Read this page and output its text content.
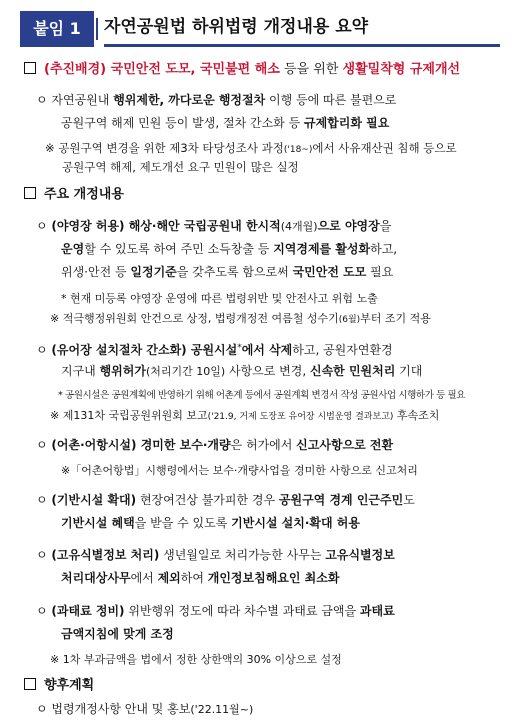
붙임 1	자연공원법 하위법령 개정내용 요약
(추진배경) 국민안전 도모, 국민불편 해소 등을 위한 생활밀착형 규제개선
ㅇ 자연공원내 행위제한, 까다로운 행정절차 이행 등에 따른 불편으로
공원구역 해제 민원 등이 발생, 절차 간소화 등 규제합리화 필요
※ 공원구역 변경을 위한 제3차 타당성조사 과정('18~)에서 사유재산권 침해 등으로
공원구역 해제, 제도개선 요구 민원이 많은 실정
주요 개정내용
ㅇ (야영장 허용) 해상·해안 국립공원내 한시적(4개월)으로 야영장을
운영할 수 있도록 하여 주민 소득창출 등 지역경제를 활성화하고,
위생·안전 등 일정기준을 갖추도록 함으로써 국민안전 도모 필요
* 현재 미등록 야영장 운영에 따른 법령위반 및 안전사고 위험 노출
※ 적극행정위원회 안건으로 상정, 법령개정전 여름철 성수기(6월)부터 조기 적용
ㅇ (유어장 설치절차 간소화) 공원시설*에서 삭제하고, 공원자연환경
지구내 행위허가(처리기간 10일) 사항으로 변경, 신속한 민원처리 기대
* 공원시설은 공원계획에 반영하기 위해 어촌계 등에서 공원계획 변경서 작성 공원사업 시행하가 등 필요
※ 제131차 국립공원위원회 보고('21.9, 거제 도장포 유어장 시범운영 결과보고) 후속조치
ㅇ (어촌·어항시설) 경미한 보수·개량은 허가에서 신고사항으로 전환
※「어촌어항법」시행령에서는 보수·개량사업을 경미한 사항으로 신고처리
ㅇ (기반시설 확대) 현장여건상 불가피한 경우 공원구역 경계 인근주민도
기반시설 혜택을 받을 수 있도록 기반시설 설치·확대 허용
ㅇ (고유식별정보 처리) 생년월일로 처리가능한 사무는 고유식별정보
처리대상사무에서 제외하여 개인정보침해요인 최소화
ㅇ (과태료 정비) 위반행위 정도에 따라 차수별 과태료 금액을 과태료
금액지침에 맞게 조정
※ 1차 부과금액을 법에서 정한 상한액의 30% 이상으로 설정
향후계획
ㅇ 법령개정사항 안내 및 홍보('22.11월~)
